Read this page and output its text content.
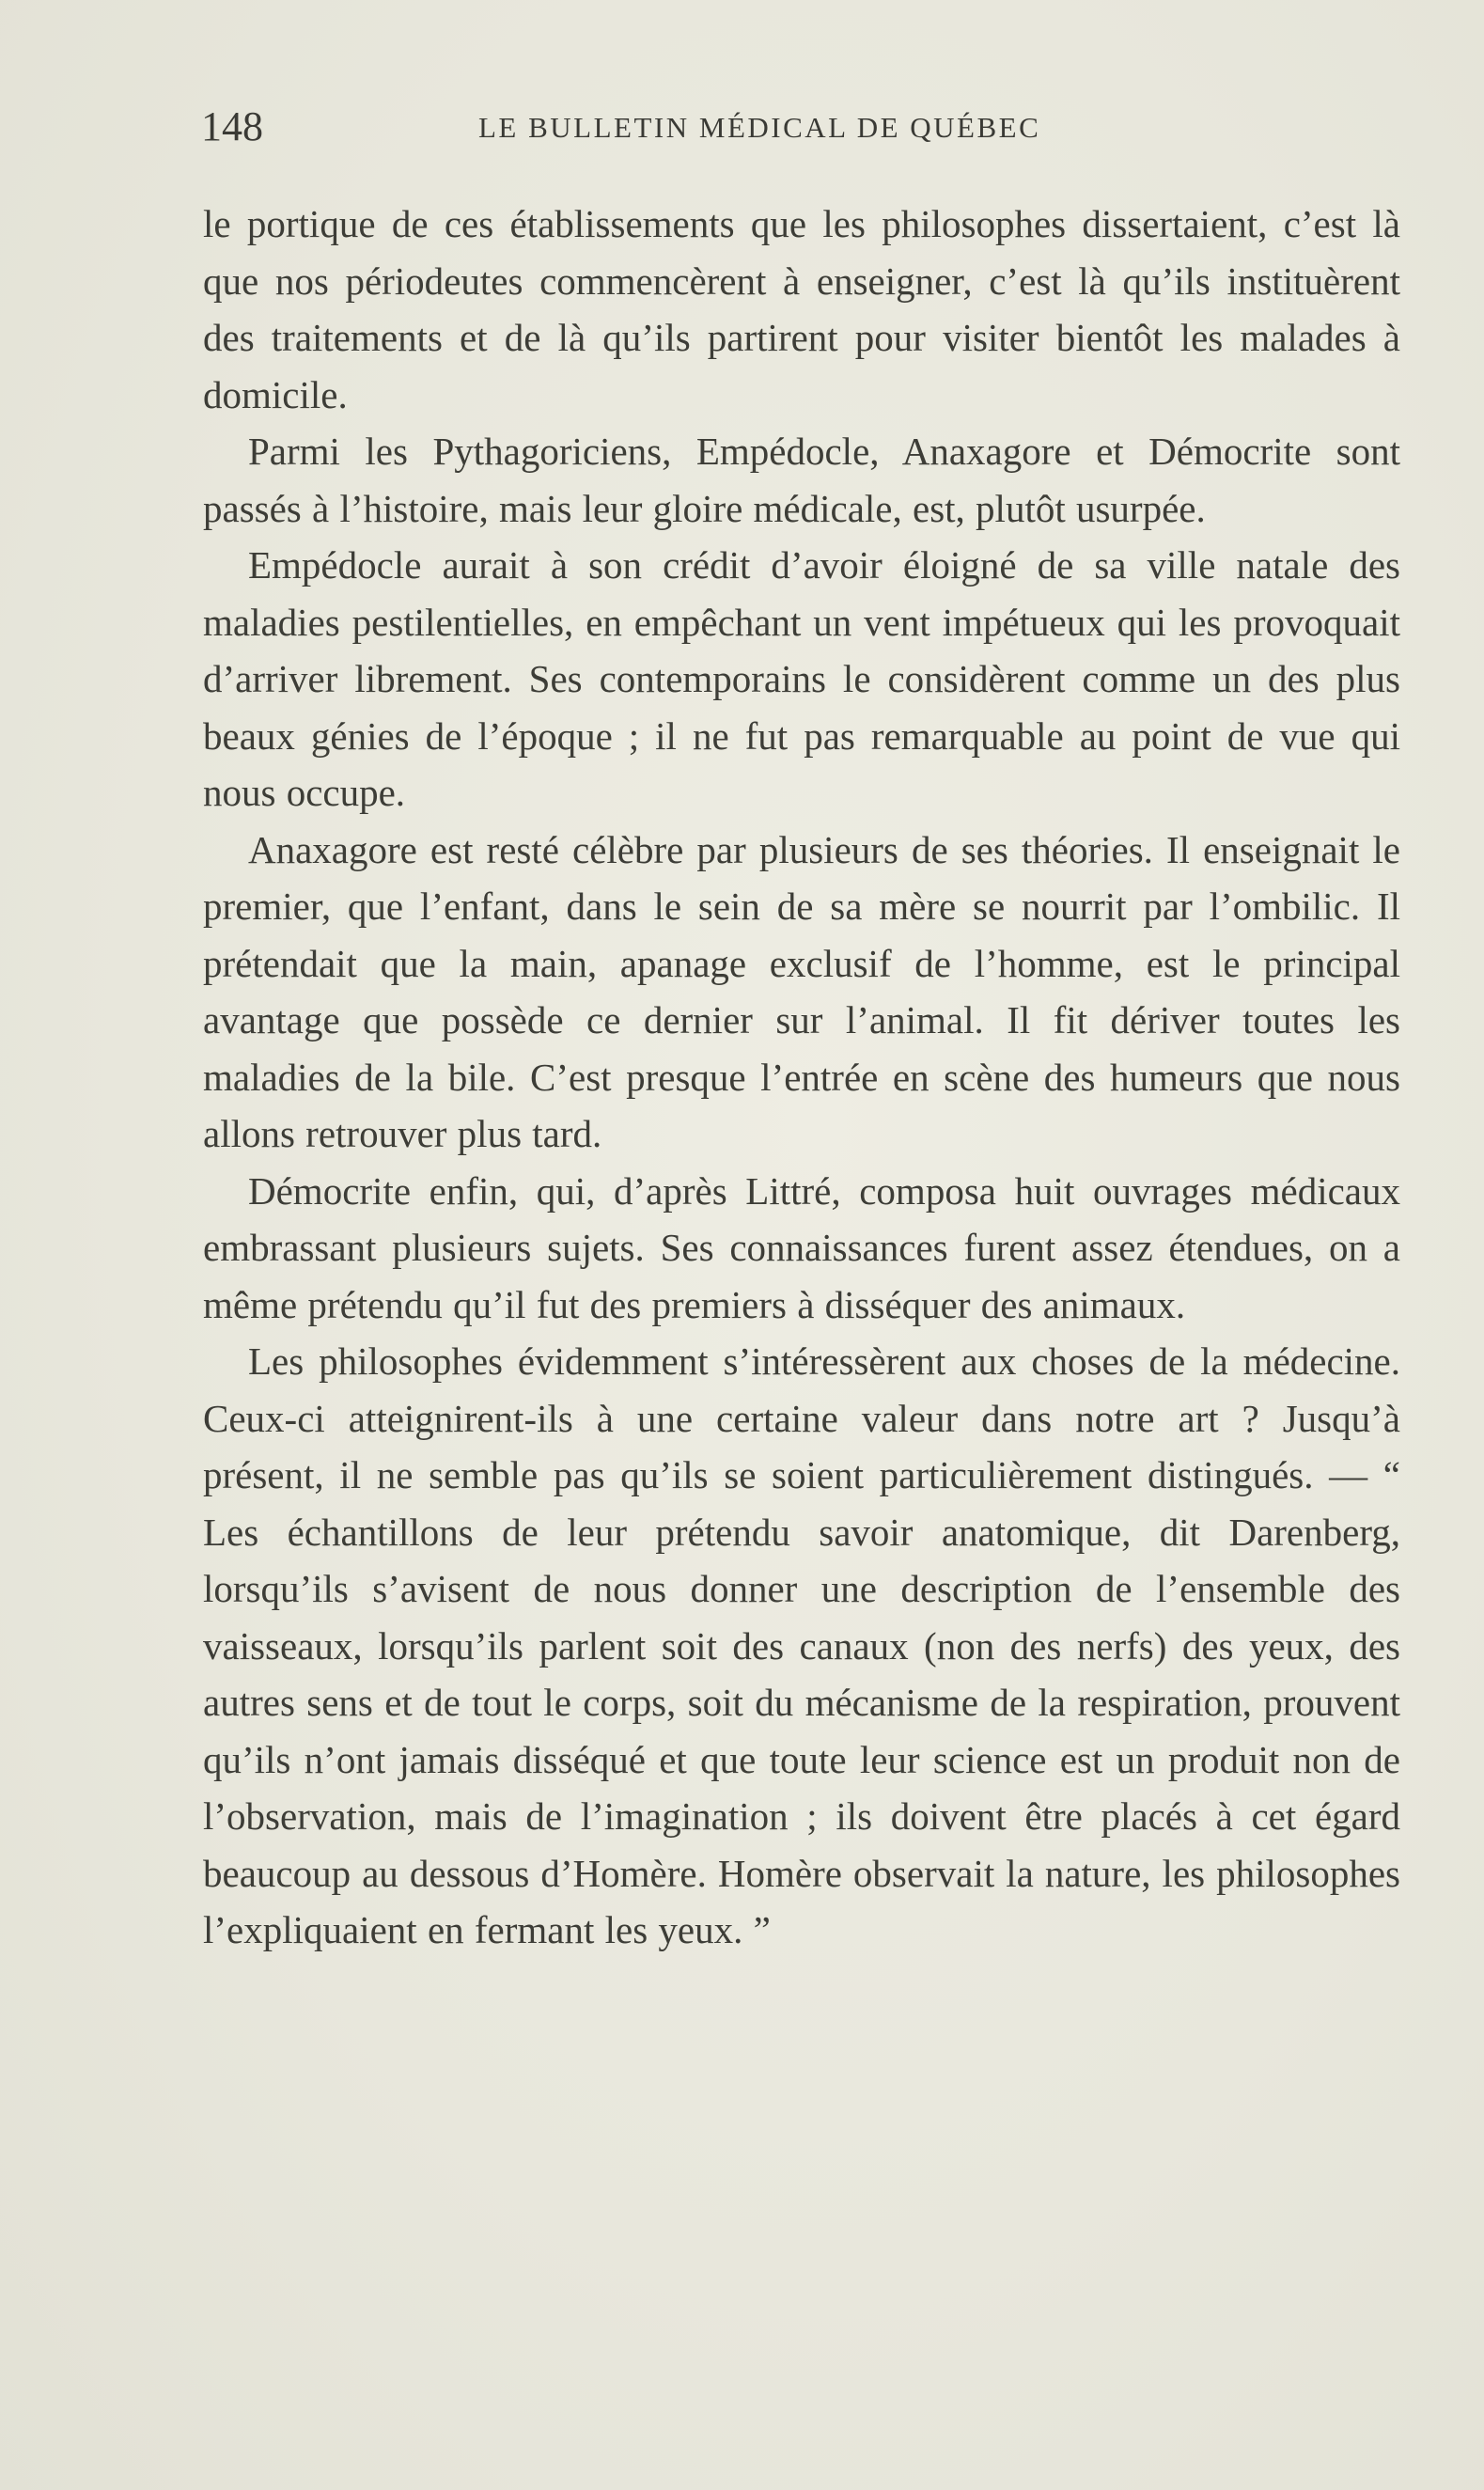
148	LE BULLETIN MÉDICAL DE QUÉBEC

le portique de ces établissements que les philosophes dissertaient, c’est là que nos périodeutes commencèrent à enseigner, c’est là qu’ils instituèrent des traitements et de là qu’ils partirent pour visiter bientôt les malades à domicile.

Parmi les Pythagoriciens, Empédocle, Anaxagore et Démocrite sont passés à l’histoire, mais leur gloire médicale, est, plutôt usurpée.

Empédocle aurait à son crédit d’avoir éloigné de sa ville natale des maladies pestilentielles, en empêchant un vent impétueux qui les provoquait d’arriver librement. Ses contemporains le considèrent comme un des plus beaux génies de l’époque ; il ne fut pas remarquable au point de vue qui nous occupe.

Anaxagore est resté célèbre par plusieurs de ses théories. Il enseignait le premier, que l’enfant, dans le sein de sa mère se nourrit par l’ombilic. Il prétendait que la main, apanage exclusif de l’homme, est le principal avantage que possède ce dernier sur l’animal. Il fit dériver toutes les maladies de la bile. C’est presque l’entrée en scène des humeurs que nous allons retrouver plus tard.

Démocrite enfin, qui, d’après Littré, composa huit ouvrages médicaux embrassant plusieurs sujets. Ses connaissances furent assez étendues, on a même prétendu qu’il fut des premiers à disséquer des animaux.

Les philosophes évidemment s’intéressèrent aux choses de la médecine. Ceux-ci atteignirent-ils à une certaine valeur dans notre art ? Jusqu’à présent, il ne semble pas qu’ils se soient particulièrement distingués. — “ Les échantillons de leur prétendu savoir anatomique, dit Darenberg, lorsqu’ils s’avisent de nous donner une description de l’ensemble des vaisseaux, lorsqu’ils parlent soit des canaux (non des nerfs) des yeux, des autres sens et de tout le corps, soit du mécanisme de la respiration, prouvent qu’ils n’ont jamais disséqué et que toute leur science est un produit non de l’observation, mais de l’imagination ; ils doivent être placés à cet égard beaucoup au dessous d’Homère. Homère observait la nature, les philosophes l’expliquaient en fermant les yeux. ”
